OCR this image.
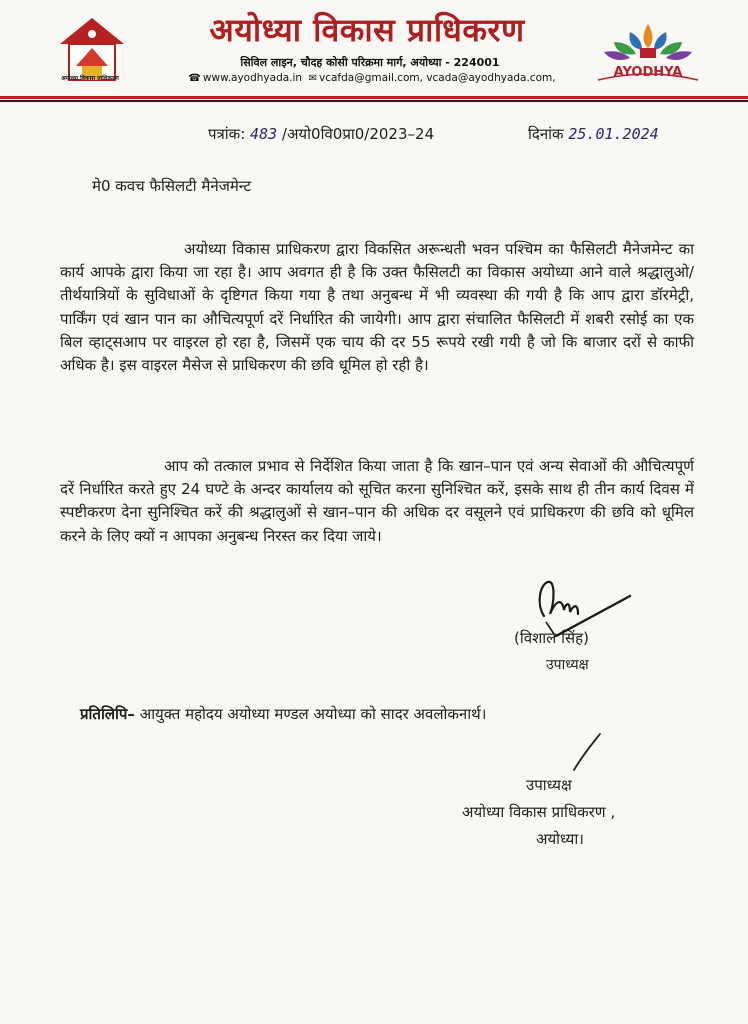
अयोध्या विकास प्राधिकरण
अयोध्या विकास प्राधिकरण
सिविल लाइन, चौदह कोसी परिक्रमा मार्ग, अयोध्या - 224001
☎ www.ayodhyada.in  ✉ vcafda@gmail.com, vcada@ayodhyada.com,	AYODHYA
पत्रांक: 483 /अयो0वि0प्रा0/2023–24	दिनांक 25.01.2024
मे0 कवच फैसिलटी मैनेजमेन्ट
अयोध्या विकास प्राधिकरण द्वारा विकसित अरून्धती भवन पश्चिम का फैसिलटी मैनेजमेन्ट का कार्य आपके द्वारा किया जा रहा है। आप अवगत ही है कि उक्त फैसिलटी का विकास अयोध्या आने वाले श्रद्धालुओ/तीर्थयात्रियों के सुविधाओं के दृष्टिगत किया गया है तथा अनुबन्ध में भी व्यवस्था की गयी है कि आप द्वारा डॉरमेट्री, पार्किंग एवं खान पान का औचित्यपूर्ण दरें निर्धारित की जायेगी। आप द्वारा संचालित फैसिलटी में शबरी रसोई का एक बिल व्हाट्सआप पर वाइरल हो रहा है, जिसमें एक चाय की दर 55 रूपये रखी गयी है जो कि बाजार दरों से काफी अधिक है। इस वाइरल मैसेज से प्राधिकरण की छवि धूमिल हो रही है।
आप को तत्काल प्रभाव से निर्देशित किया जाता है कि खान–पान एवं अन्य सेवाओं की औचित्यपूर्ण दरें निर्धारित करते हुए 24 घण्टे के अन्दर कार्यालय को सूचित करना सुनिश्चित करें, इसके साथ ही तीन कार्य दिवस में स्पष्टीकरण देना सुनिश्चित करें की श्रद्धालुओं से खान–पान की अधिक दर वसूलने एवं प्राधिकरण की छवि को धूमिल करने के लिए क्यों न आपका अनुबन्ध निरस्त कर दिया जाये।
(विशाल सिंह)
उपाध्यक्ष
प्रतिलिपि– आयुक्त महोदय अयोध्या मण्डल अयोध्या को सादर अवलोकनार्थ।
उपाध्यक्ष
अयोध्या विकास प्राधिकरण ,
अयोध्या।
